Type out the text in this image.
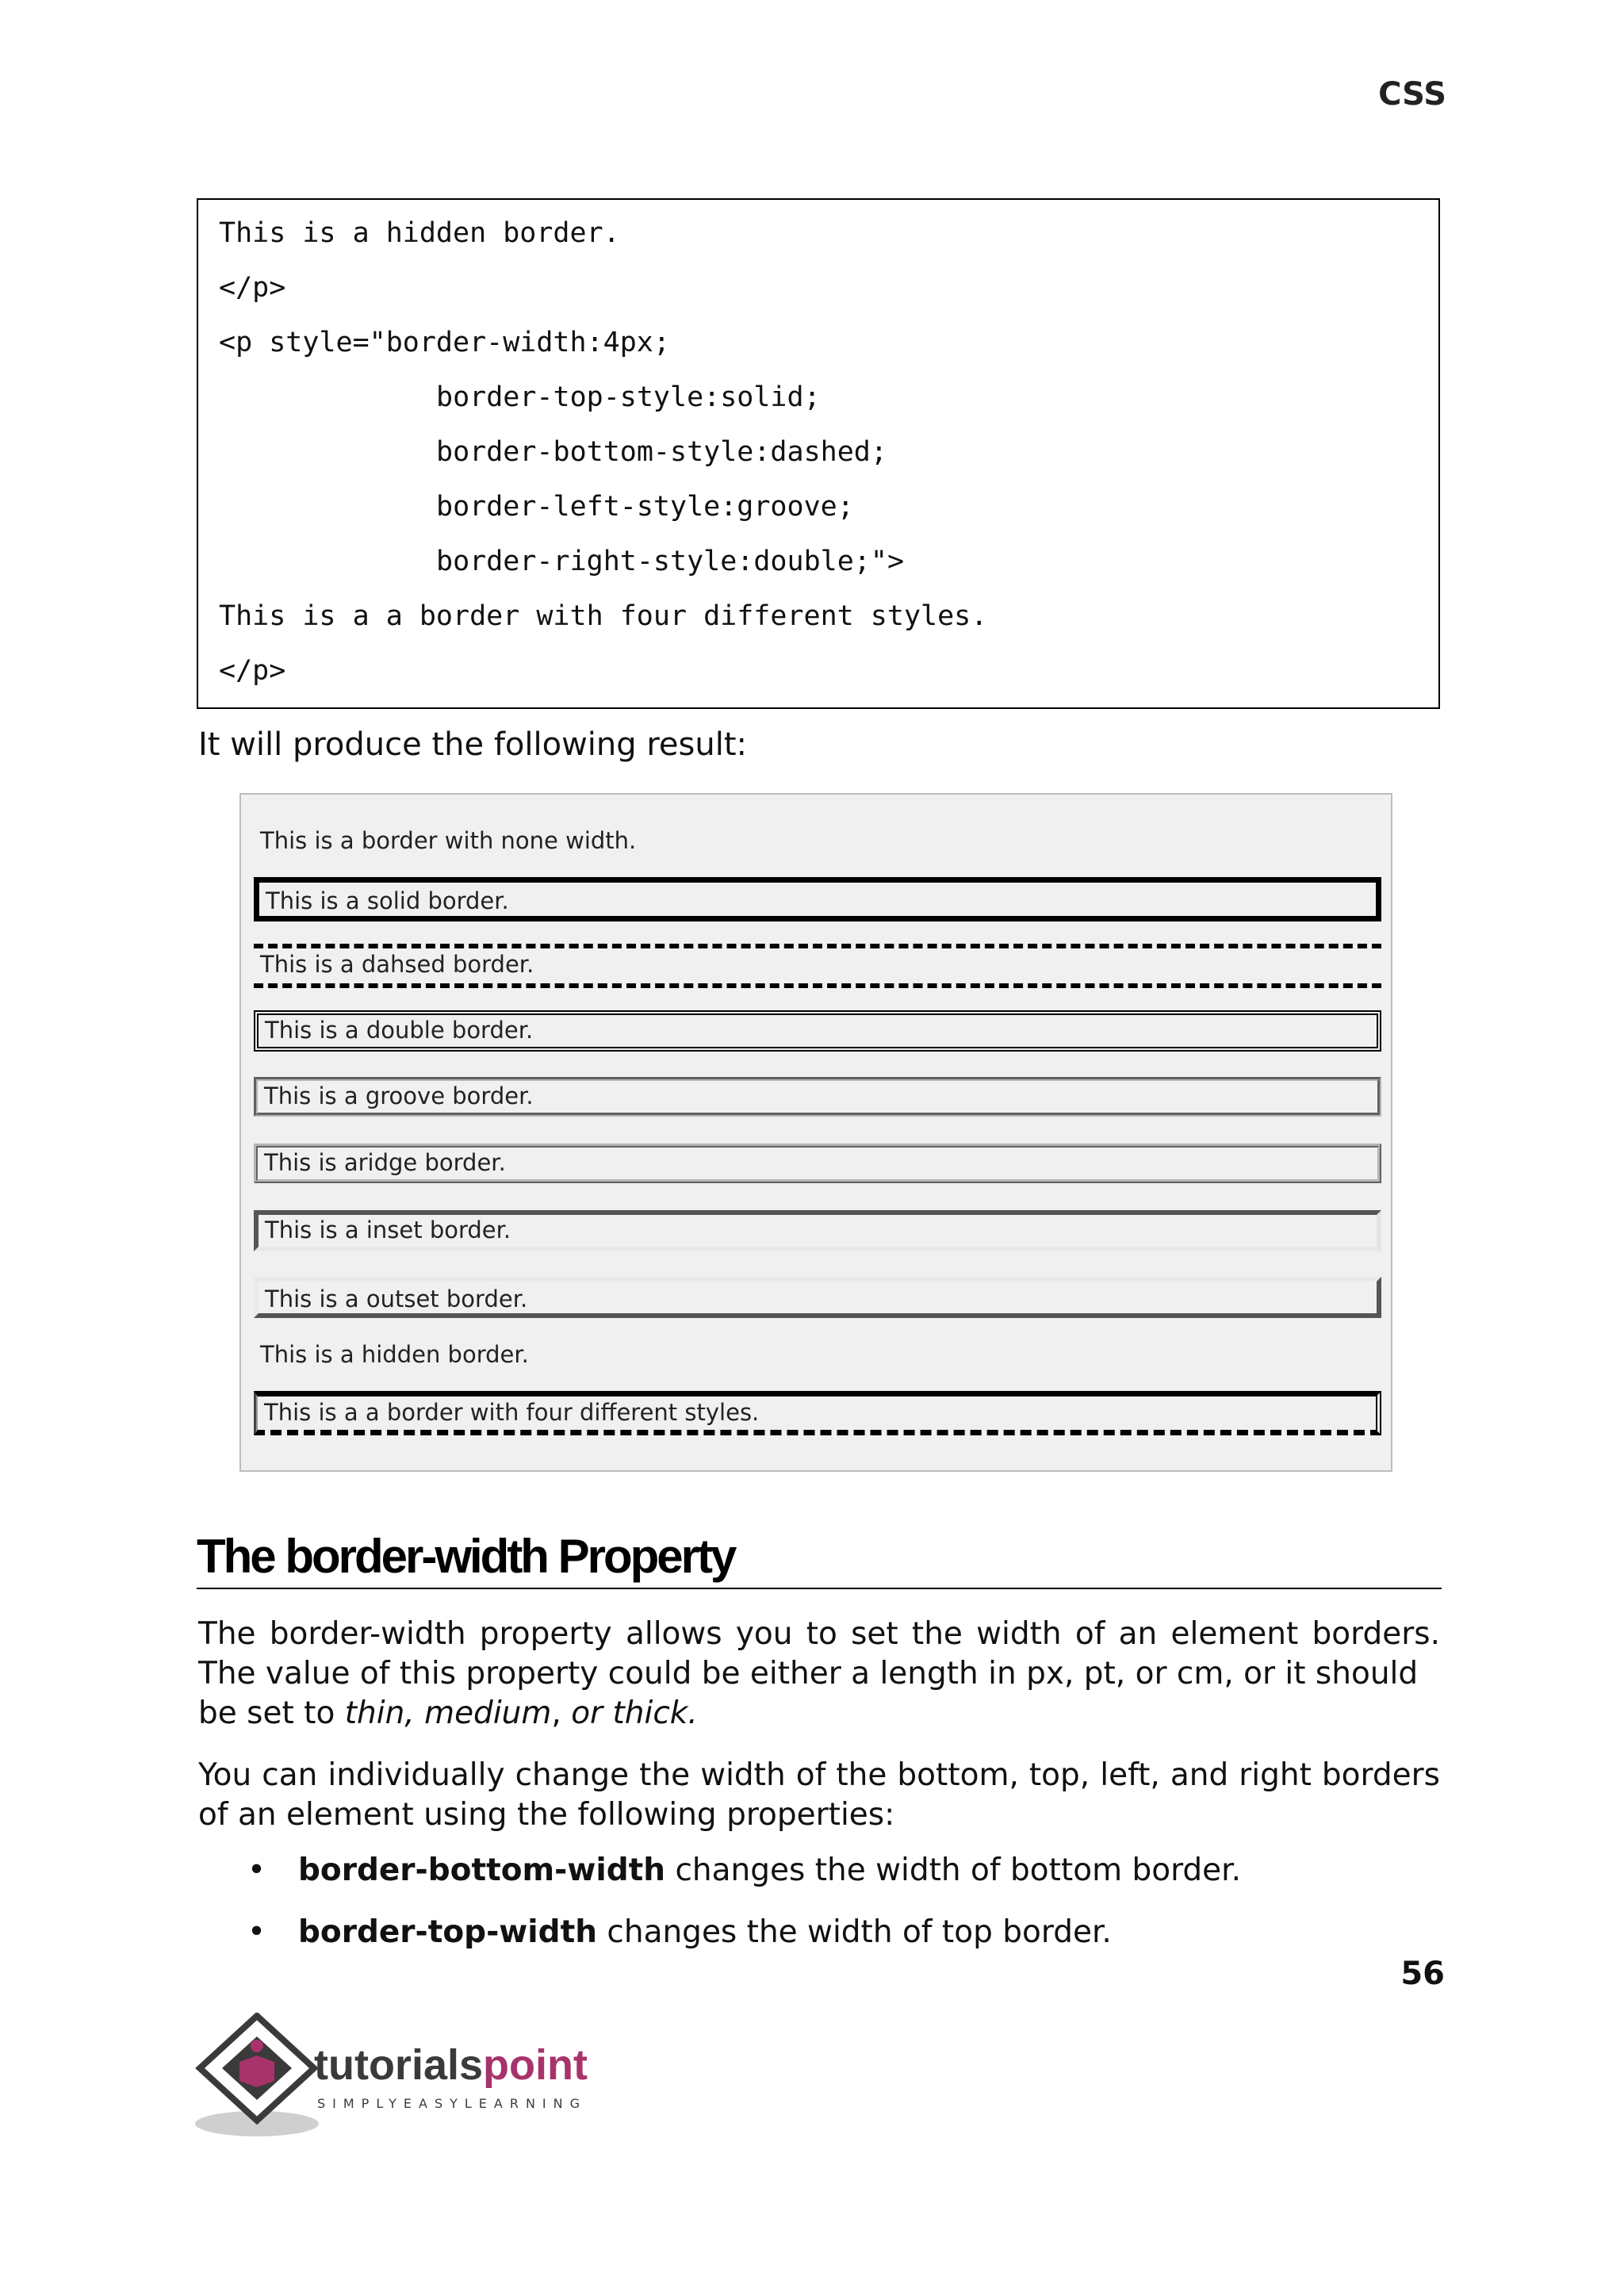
CSS
This is a hidden border.
</p>
<p style="border-width:4px;
border-top-style:solid;
border-bottom-style:dashed;
border-left-style:groove;
border-right-style:double;">
This is a a border with four different styles.
</p>
It will produce the following result:
This is a border with none width.
This is a solid border.
This is a dahsed border.
This is a double border.
This is a groove border.
This is aridge border.
This is a inset border.
This is a outset border.
This is a hidden border.
This is a a border with four different styles.
The border-width Property
The border-width property allows you to set the width of an element borders. The value of this property could be either a length in px, pt, or cm, or it should
be set to thin, medium, or thick.
You can individually change the width of the bottom, top, left, and right borders of an element using the following properties:
• border-bottom-width changes the width of bottom border.
• border-top-width changes the width of top border.
56
tutorialspoint
SIMPLYEASYLEARNING
